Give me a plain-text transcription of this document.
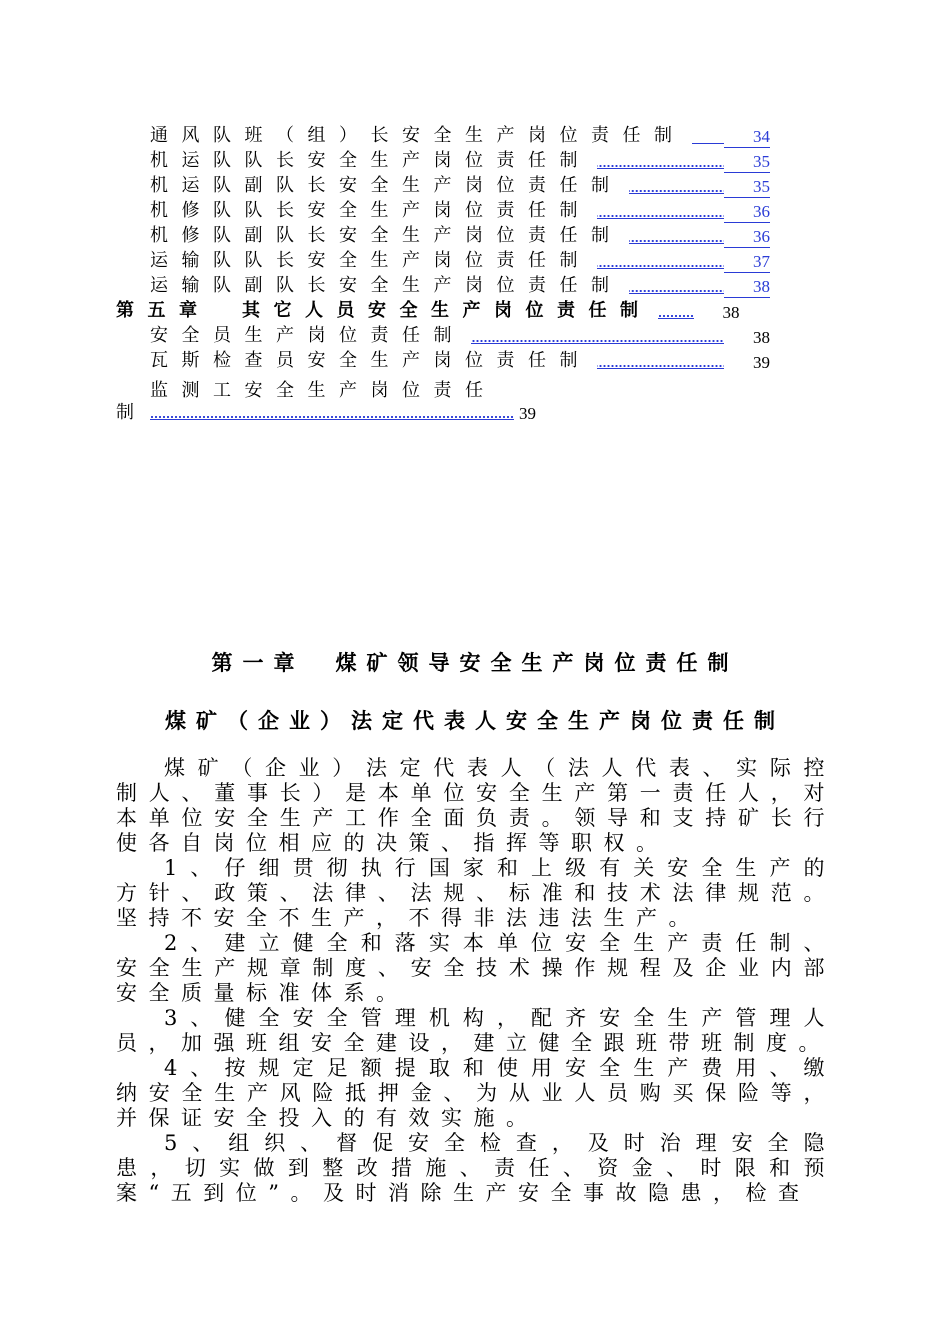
通风队班（组）长安全生产岗位责任制	34
机运队队长安全生产岗位责任制	35
机运队副队长安全生产岗位责任制	35
机修队队长安全生产岗位责任制	36
机修队副队长安全生产岗位责任制	36
运输队队长安全生产岗位责任制	37
运输队副队长安全生产岗位责任制	38
第五章　其它人员安全生产岗位责任制	38
安全员生产岗位责任制	38
瓦斯检查员安全生产岗位责任制	39
监测工安全生产岗位责任
制	39
第一章　煤矿领导安全生产岗位责任制
煤矿（企业）法定代表人安全生产岗位责任制

煤矿（企业）法定代表人（法人代表、实际控制人、董事长）是本单位安全生产第一责任人，对本单位安全生产工作全面负责。领导和支持矿长行使各自岗位相应的决策、指挥等职权。

1、仔细贯彻执行国家和上级有关安全生产的方针、政策、法律、法规、标准和技术法律规范。坚持不安全不生产，不得非法违法生产。

2、建立健全和落实本单位安全生产责任制、安全生产规章制度、安全技术操作规程及企业内部安全质量标准体系。

3、健全安全管理机构，配齐安全生产管理人员，加强班组安全建设，建立健全跟班带班制度。

4、按规定足额提取和使用安全生产费用、缴纳安全生产风险抵押金、为从业人员购买保险等，并保证安全投入的有效实施。

5、组织、督促安全检查，及时治理安全隐患，切实做到整改措施、责任、资金、时限和预案“五到位”。及时消除生产安全事故隐患，检查
